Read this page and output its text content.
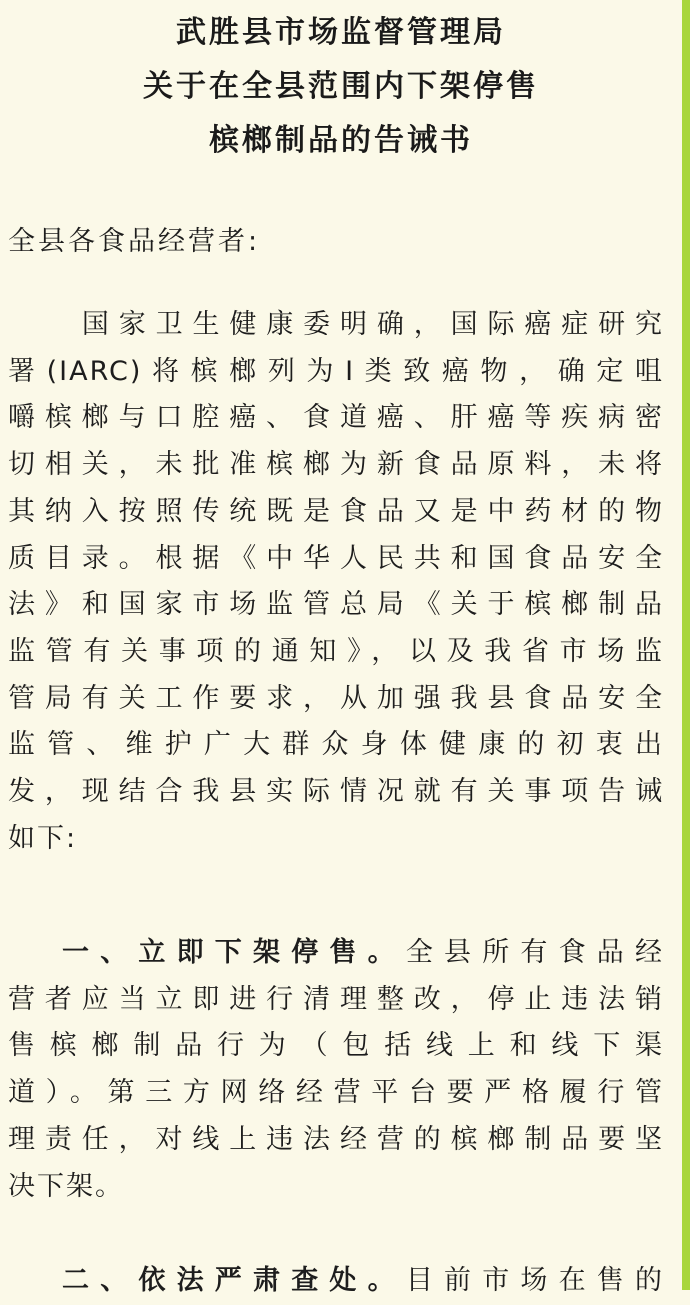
武胜县市场监督管理局
关于在全县范围内下架停售
槟榔制品的告诫书

全县各食品经营者:

国家卫生健康委明确，国际癌症研究
署(IARC)将槟榔列为I类致癌物，确定咀
嚼槟榔与口腔癌、食道癌、肝癌等疾病密
切相关，未批准槟榔为新食品原料，未将
其纳入按照传统既是食品又是中药材的物
质目录。根据《中华人民共和国食品安全
法》和国家市场监管总局《关于槟榔制品
监管有关事项的通知》，以及我省市场监
管局有关工作要求，从加强我县食品安全
监管、维护广大群众身体健康的初衷出
发，现结合我县实际情况就有关事项告诫
如下:
一、立即下架停售。全县所有食品经
营者应当立即进行清理整改，停止违法销
售槟榔制品行为（包括线上和线下渠
道）。第三方网络经营平台要严格履行管
理责任，对线上违法经营的槟榔制品要坚
决下架。
二、依法严肃查处。目前市场在售的
